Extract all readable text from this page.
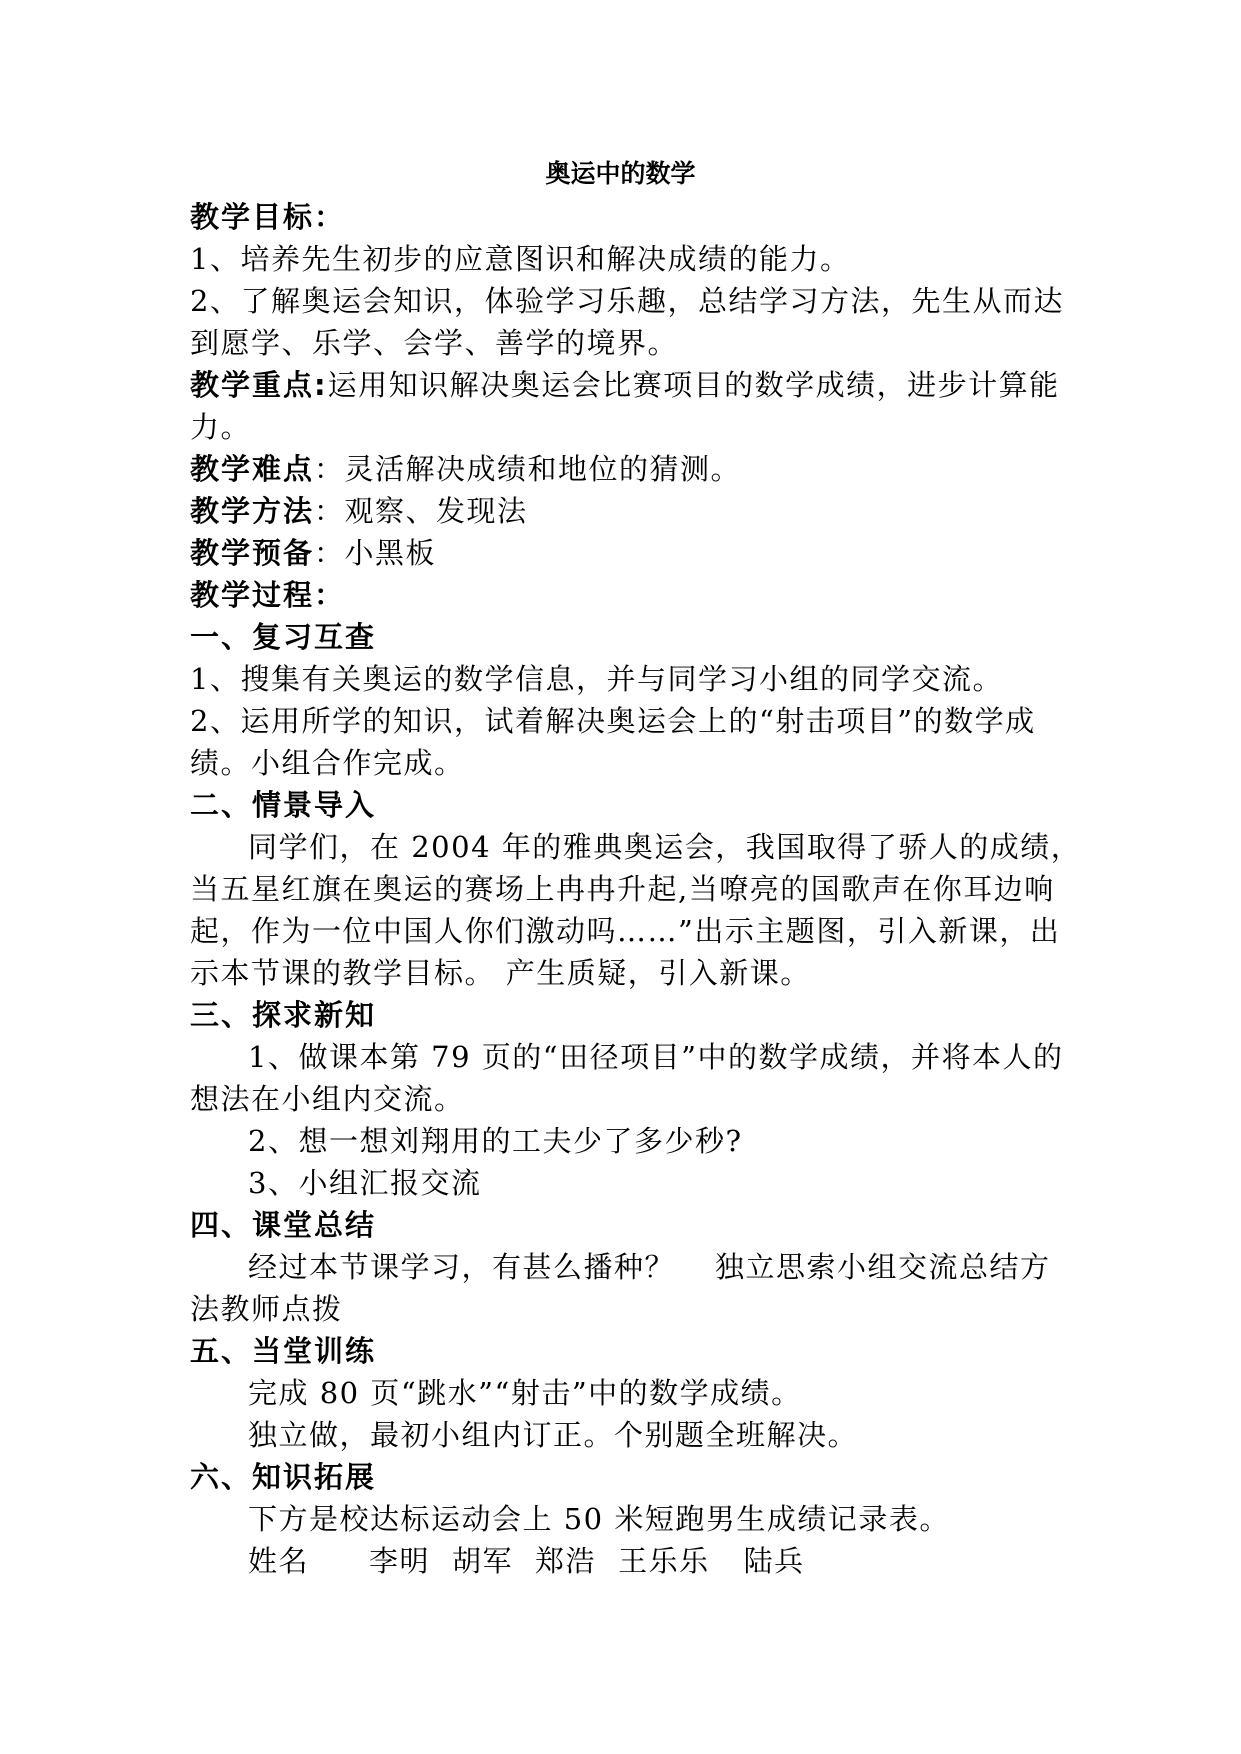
奥运中的数学
教学目标：
1、培养先生初步的应意图识和解决成绩的能力。
2、了解奥运会知识，体验学习乐趣，总结学习方法，先生从而达
到愿学、乐学、会学、善学的境界。
教学重点:运用知识解决奥运会比赛项目的数学成绩，进步计算能
力。
教学难点：灵活解决成绩和地位的猜测。
教学方法：观察、发现法
教学预备：小黑板
教学过程：
一、复习互查
1、搜集有关奥运的数学信息，并与同学习小组的同学交流。
2、运用所学的知识，试着解决奥运会上的“射击项目”的数学成
绩。小组合作完成。
二、情景导入
同学们，在 2004 年的雅典奥运会，我国取得了骄人的成绩，
当五星红旗在奥运的赛场上冉冉升起,当嘹亮的国歌声在你耳边响
起，作为一位中国人你们激动吗……”出示主题图，引入新课，出
示本节课的教学目标。 产生质疑，引入新课。
三、探求新知
1、做课本第 79 页的“田径项目”中的数学成绩，并将本人的
想法在小组内交流。
2、想一想刘翔用的工夫少了多少秒?
3、小组汇报交流
四、课堂总结
经过本节课学习，有甚么播种？ 独立思索小组交流总结方
法教师点拨
五、当堂训练
完成 80 页“跳水”“射击”中的数学成绩。
独立做，最初小组内订正。个别题全班解决。
六、知识拓展
下方是校达标运动会上 50 米短跑男生成绩记录表。
姓名 李明 胡军 郑浩 王乐乐 陆兵
